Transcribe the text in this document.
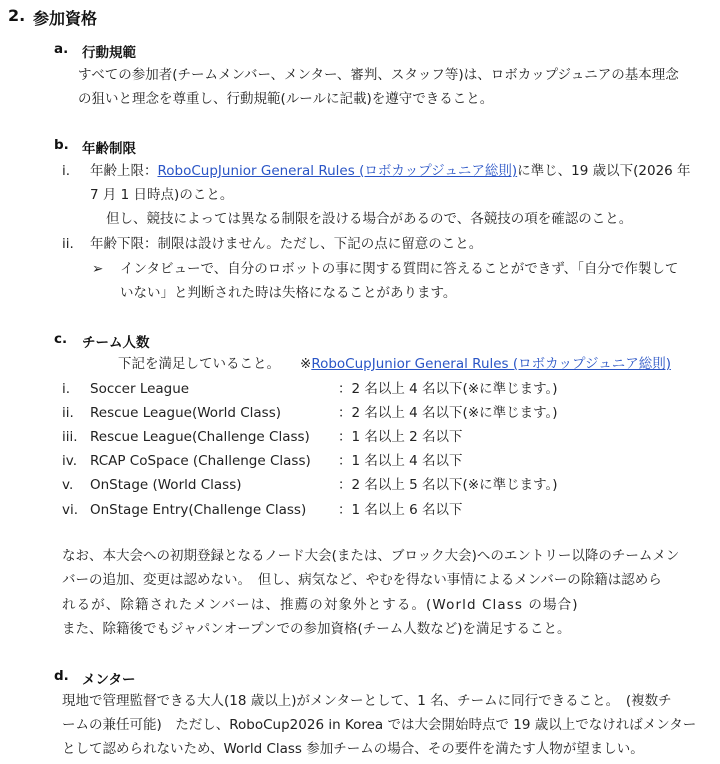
2. 参加資格
a. 行動規範
すべての参加者(チームメンバー、メンター、審判、スタッフ等)は、ロボカップジュニアの基本理念
の狙いと理念を尊重し、行動規範(ルールに記載)を遵守できること。
b. 年齢制限
i. 年齢上限：RoboCupJunior General Rules (ロボカップジュニア総則)に準じ、19 歳以下(2026 年
7 月 1 日時点)のこと。
但し、競技によっては異なる制限を設ける場合があるので、各競技の項を確認のこと。
ii. 年齢下限：制限は設けません。ただし、下記の点に留意のこと。
➢ インタビューで、自分のロボットの事に関する質問に答えることができず、「自分で作製して
いない」と判断された時は失格になることがあります。
c. チーム人数
下記を満足していること。 ※RoboCupJunior General Rules (ロボカップジュニア総則)
i. Soccer League	：2 名以上 4 名以下(※に準じます。)
ii. Rescue League(World Class)	：2 名以上 4 名以下(※に準じます。)
iii. Rescue League(Challenge Class) ：1 名以上 2 名以下
iv. RCAP CoSpace (Challenge Class) ：1 名以上 4 名以下
v. OnStage (World Class)	：2 名以上 5 名以下(※に準じます。)
vi. OnStage Entry(Challenge Class) ：1 名以上 6 名以下
なお、本大会への初期登録となるノード大会(または、ブロック大会)へのエントリー以降のチームメン
バーの追加、変更は認めない。　但し、病気など、やむを得ない事情によるメンバーの除籍は認めら
れるが、除籍されたメンバーは、推薦の対象外とする。(World Class の場合)
また、除籍後でもジャパンオープンでの参加資格(チーム人数など)を満足すること。
d. メンター
現地で管理監督できる大人(18 歳以上)がメンターとして、1 名、チームに同行できること。　(複数チ
ームの兼任可能)　ただし、RoboCup2026 in Korea では大会開始時点で 19 歳以上でなければメンター
として認められないため、World Class 参加チームの場合、その要件を満たす人物が望ましい。
